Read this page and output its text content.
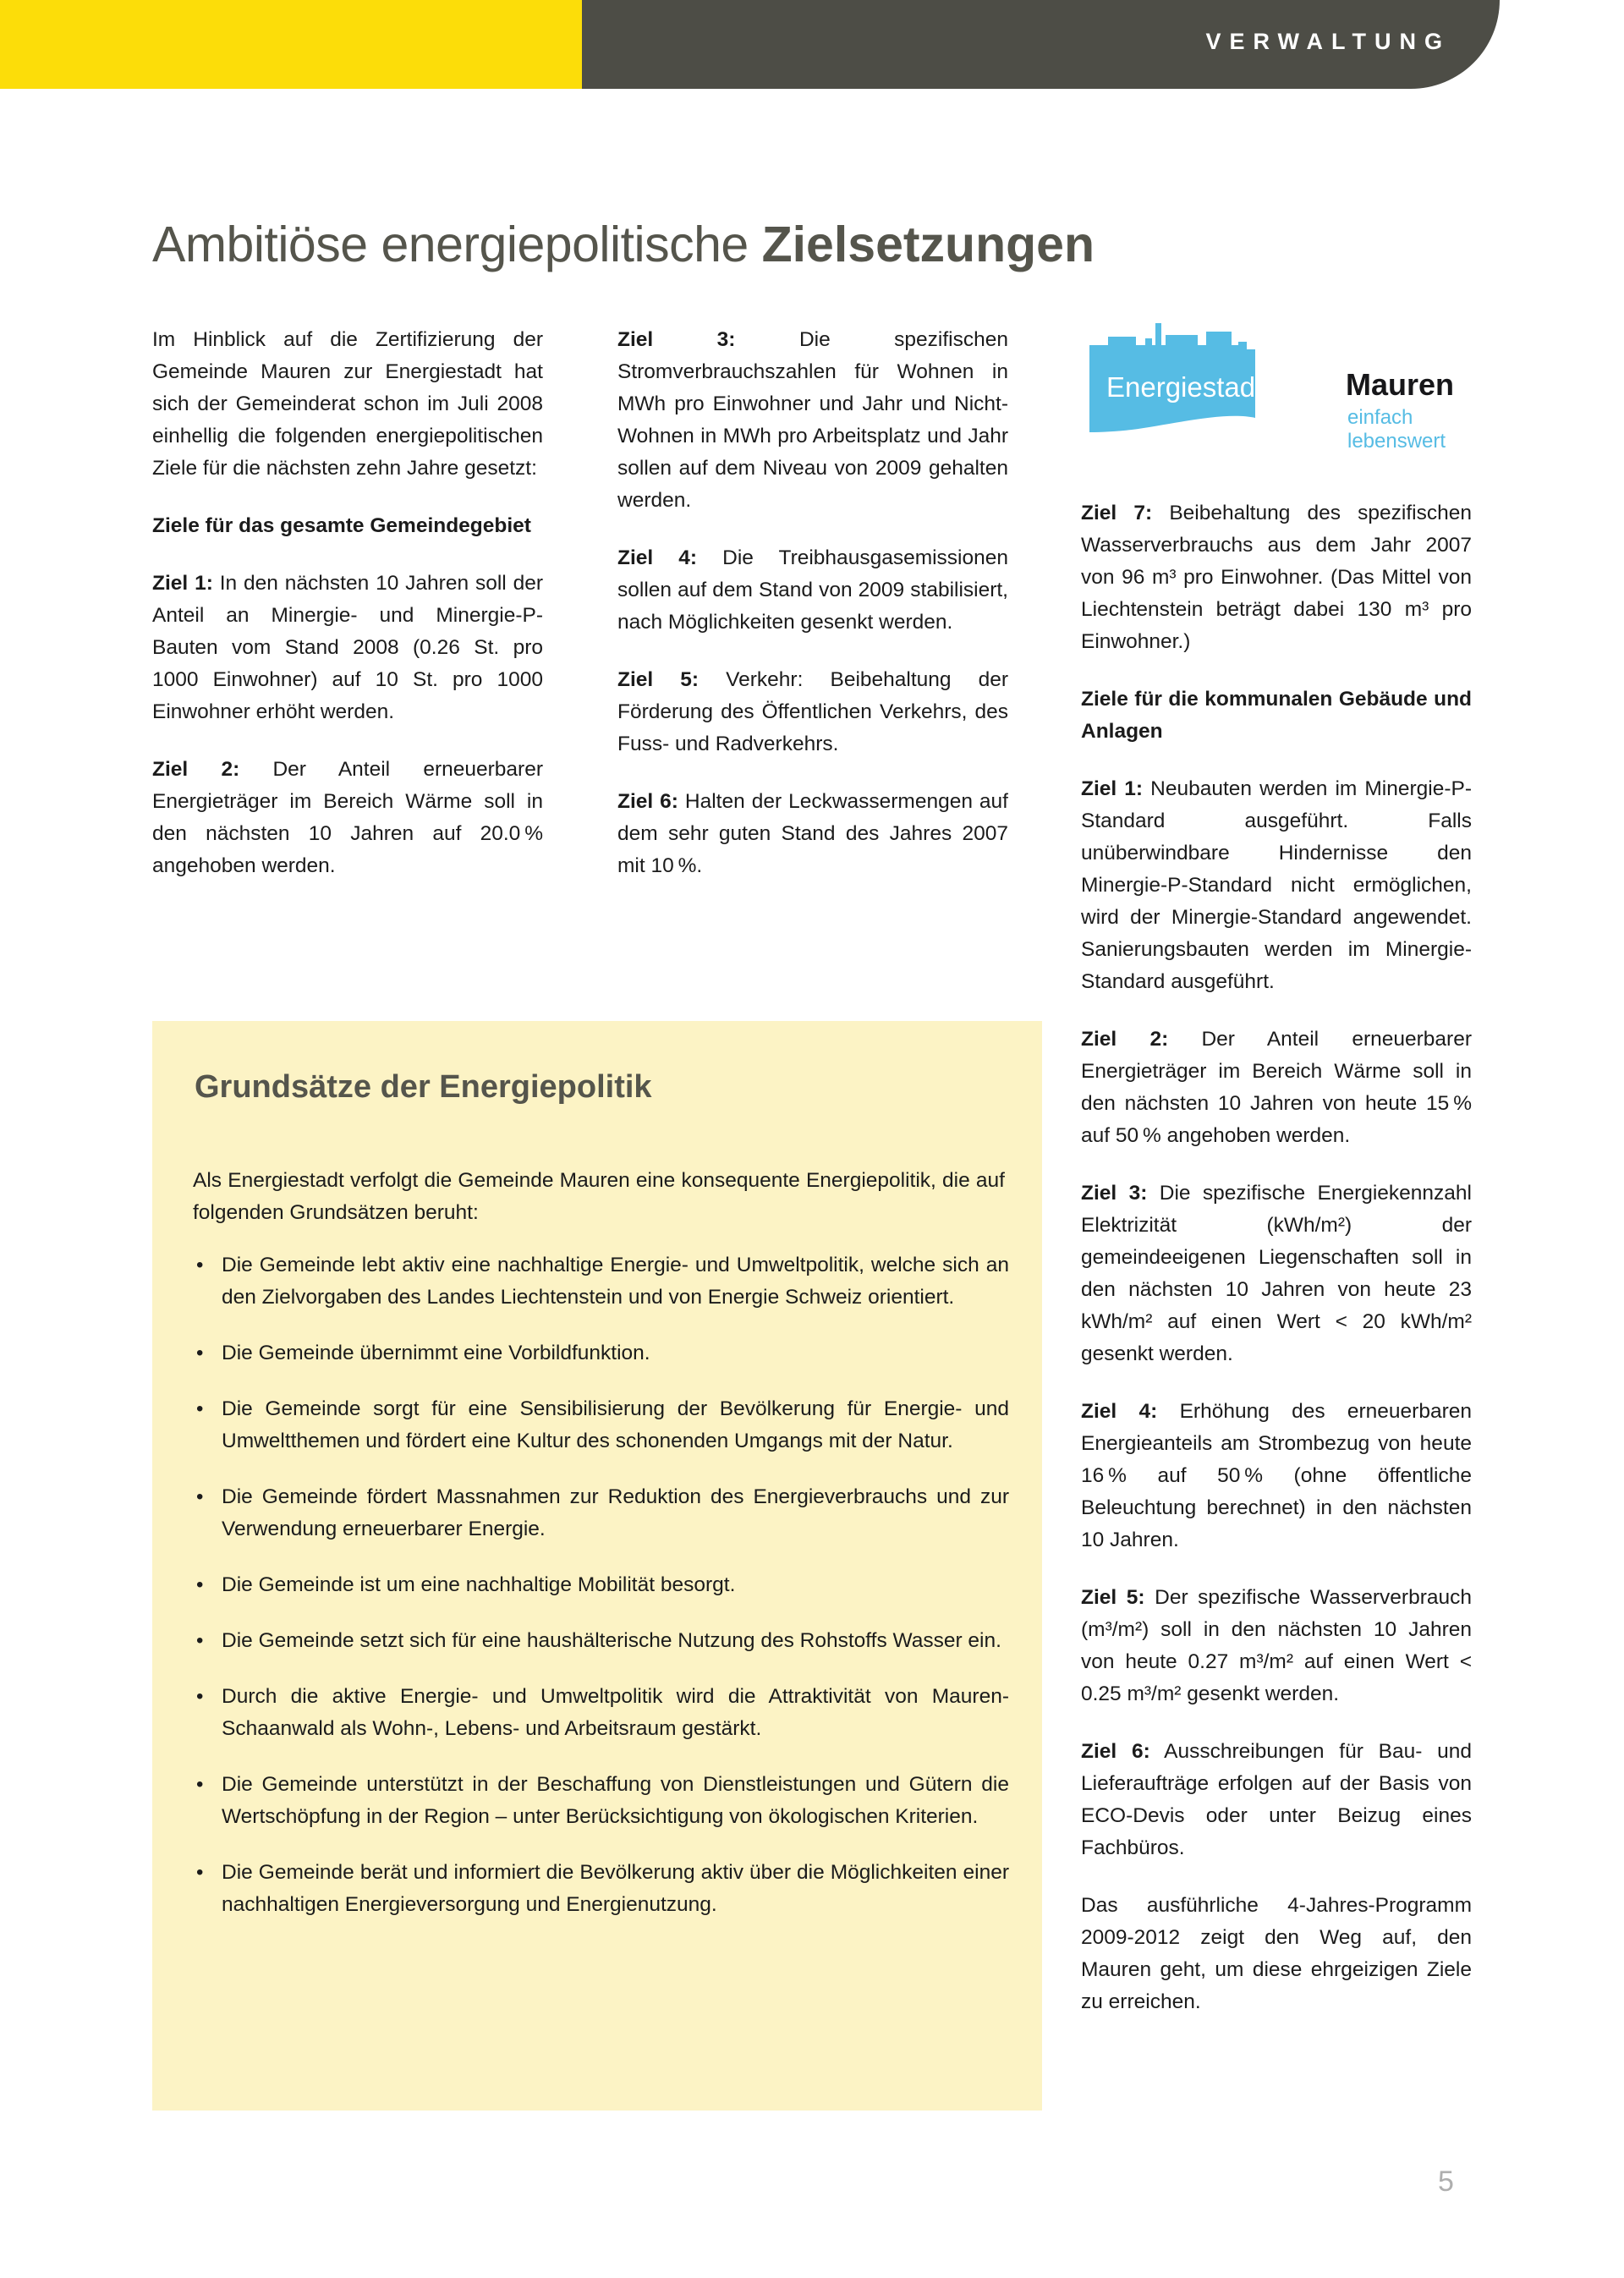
VERWALTUNG
Ambitiöse energiepolitische Zielsetzungen
Energiestadt	Mauren
einfach lebenswert

Im Hinblick auf die Zertifizierung der Gemeinde Mauren zur Energiestadt hat sich der Gemeinderat schon im Juli 2008 einhellig die folgenden energiepolitischen Ziele für die nächsten zehn Jahre gesetzt:

Ziele für das gesamte Gemeindegebiet

Ziel 1: In den nächsten 10 Jahren soll der Anteil an Minergie- und Minergie-P-Bauten vom Stand 2008 (0.26 St. pro 1000 Einwohner) auf 10 St. pro 1000 Einwohner erhöht werden.

Ziel 2: Der Anteil erneuerbarer Energieträger im Bereich Wärme soll in den nächsten 10 Jahren auf 20.0 % angehoben werden.

Ziel 3: Die spezifischen Stromverbrauchszahlen für Wohnen in MWh pro Einwohner und Jahr und Nicht-Wohnen in MWh pro Arbeitsplatz und Jahr sollen auf dem Niveau von 2009 gehalten werden.

Ziel 4: Die Treibhausgasemissionen sollen auf dem Stand von 2009 stabilisiert, nach Möglichkeiten gesenkt werden.

Ziel 5: Verkehr: Beibehaltung der Förderung des Öffentlichen Verkehrs, des Fuss- und Radverkehrs.

Ziel 6: Halten der Leckwassermengen auf dem sehr guten Stand des Jahres 2007 mit 10 %.

Ziel 7: Beibehaltung des spezifischen Wasserverbrauchs aus dem Jahr 2007 von 96 m³ pro Einwohner. (Das Mittel von Liechtenstein beträgt dabei 130 m³ pro Einwohner.)

Ziele für die kommunalen Gebäude und Anlagen

Ziel 1: Neubauten werden im Minergie-P-Standard ausgeführt. Falls unüberwindbare Hindernisse den Minergie-P-Standard nicht ermöglichen, wird der Minergie-Standard angewendet. Sanierungsbauten werden im Minergie-Standard ausgeführt.

Ziel 2: Der Anteil erneuerbarer Energieträger im Bereich Wärme soll in den nächsten 10 Jahren von heute 15 % auf 50 % angehoben werden.

Ziel 3: Die spezifische Energiekennzahl Elektrizität (kWh/m²) der gemeindeeigenen Liegenschaften soll in den nächsten 10 Jahren von heute 23 kWh/m² auf einen Wert < 20 kWh/m² gesenkt werden.

Ziel 4: Erhöhung des erneuerbaren Energieanteils am Strombezug von heute 16 % auf 50 % (ohne öffentliche Beleuchtung berechnet) in den nächsten 10 Jahren.

Ziel 5: Der spezifische Wasserverbrauch (m³/m²) soll in den nächsten 10 Jahren von heute 0.27 m³/m² auf einen Wert < 0.25 m³/m² gesenkt werden.

Ziel 6: Ausschreibungen für Bau- und Lieferaufträge erfolgen auf der Basis von ECO-Devis oder unter Beizug eines Fachbüros.

Das ausführliche 4-Jahres-Programm 2009-2012 zeigt den Weg auf, den Mauren geht, um diese ehrgeizigen Ziele zu erreichen.

Grundsätze der Energiepolitik
Als Energiestadt verfolgt die Gemeinde Mauren eine konsequente Energiepolitik, die auf folgenden Grundsätzen beruht:
• Die Gemeinde lebt aktiv eine nachhaltige Energie- und Umweltpolitik, welche sich an den Zielvorgaben des Landes Liechtenstein und von Energie Schweiz orientiert.
• Die Gemeinde übernimmt eine Vorbildfunktion.
• Die Gemeinde sorgt für eine Sensibilisierung der Bevölkerung für Energie- und Umweltthemen und fördert eine Kultur des schonenden Umgangs mit der Natur.
• Die Gemeinde fördert Massnahmen zur Reduktion des Energieverbrauchs und zur Verwendung erneuerbarer Energie.
• Die Gemeinde ist um eine nachhaltige Mobilität besorgt.
• Die Gemeinde setzt sich für eine haushälterische Nutzung des Rohstoffs Wasser ein.
• Durch die aktive Energie- und Umweltpolitik wird die Attraktivität von Mauren-Schaanwald als Wohn-, Lebens- und Arbeitsraum gestärkt.
• Die Gemeinde unterstützt in der Beschaffung von Dienstleistungen und Gütern die Wertschöpfung in der Region – unter Berücksichtigung von ökologischen Kriterien.
• Die Gemeinde berät und informiert die Bevölkerung aktiv über die Möglichkeiten einer nachhaltigen Energieversorgung und Energienutzung.
5
